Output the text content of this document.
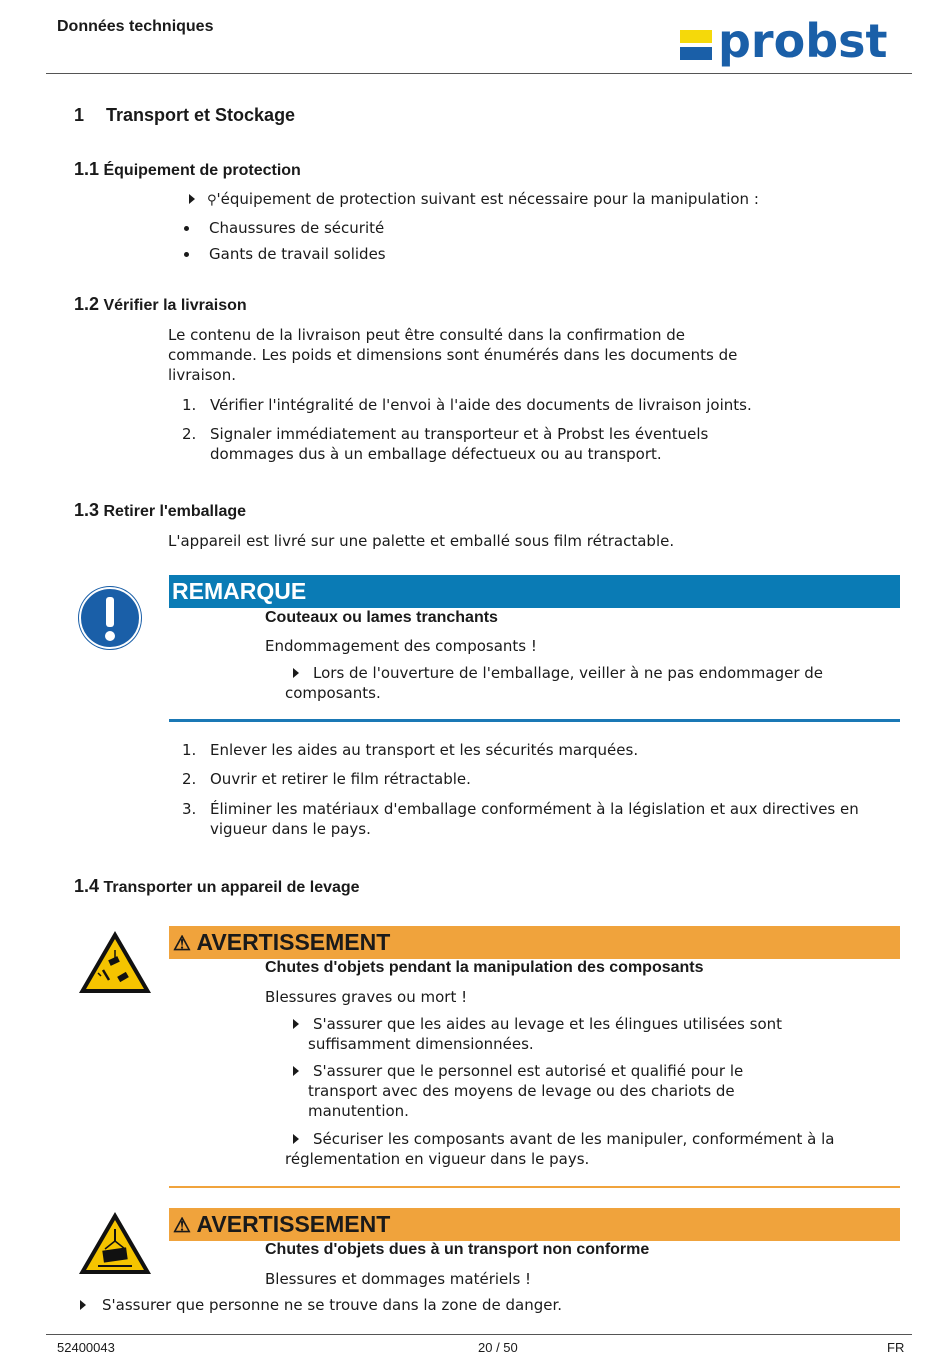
Données techniques	probst
1 Transport et Stockage
1.1 Équipement de protection
⚲'équipement de protection suivant est nécessaire pour la manipulation :
Chaussures de sécurité
Gants de travail solides
1.2 Vérifier la livraison
Le contenu de la livraison peut être consulté dans la confirmation de
commande. Les poids et dimensions sont énumérés dans les documents de
livraison.
1. Vérifier l'intégralité de l'envoi à l'aide des documents de livraison joints.
2. Signaler immédiatement au transporteur et à Probst les éventuels
dommages dus à un emballage défectueux ou au transport.
1.3 Retirer l'emballage
L'appareil est livré sur une palette et emballé sous film rétractable.
REMARQUE
Couteaux ou lames tranchants
Endommagement des composants !
Lors de l'ouverture de l'emballage, veiller à ne pas endommager de
composants.
1. Enlever les aides au transport et les sécurités marquées.
2. Ouvrir et retirer le film rétractable.
3. Éliminer les matériaux d'emballage conformément à la législation et aux directives en
vigueur dans le pays.
1.4 Transporter un appareil de levage
⚠ AVERTISSEMENT
Chutes d'objets pendant la manipulation des composants
Blessures graves ou mort !
S'assurer que les aides au levage et les élingues utilisées sont
suffisamment dimensionnées.
S'assurer que le personnel est autorisé et qualifié pour le
transport avec des moyens de levage ou des chariots de
manutention.
Sécuriser les composants avant de les manipuler, conformément à la
réglementation en vigueur dans le pays.
⚠ AVERTISSEMENT
Chutes d'objets dues à un transport non conforme
Blessures et dommages matériels !
S'assurer que personne ne se trouve dans la zone de danger.
52400043	20 / 50	FR
